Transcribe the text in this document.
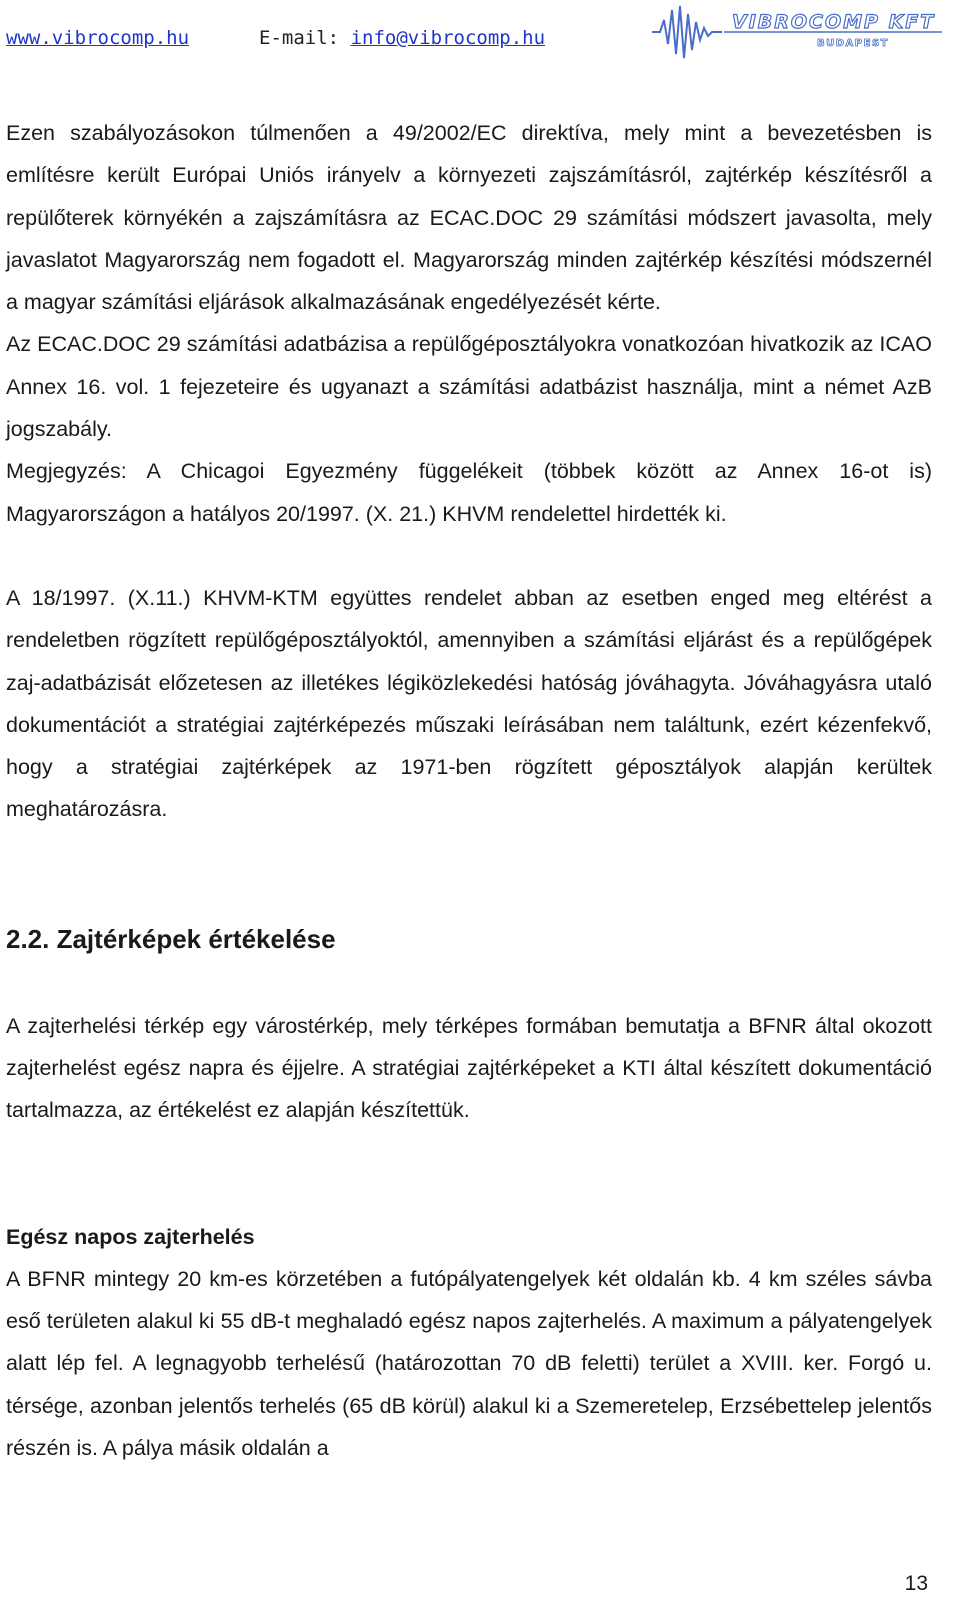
www.vibrocomp.hu	E-mail: info@vibrocomp.hu
VIBROCOMP KFT
BUDAPEST

Ezen szabályozásokon túlmenően a 49/2002/EC direktíva, mely mint a bevezetésben is említésre került Európai Uniós irányelv a környezeti zajszámításról, zajtérkép készítésről a repülőterek környékén a zajszámításra az ECAC.DOC 29 számítási módszert javasolta, mely javaslatot Magyarország nem fogadott el. Magyarország minden zajtérkép készítési módszernél a magyar számítási eljárások alkalmazásának engedélyezését kérte.

Az ECAC.DOC 29 számítási adatbázisa a repülőgéposztályokra vonatkozóan hivatkozik az ICAO Annex 16. vol. 1 fejezeteire és ugyanazt a számítási adatbázist használja, mint a német AzB jogszabály.

Megjegyzés: A Chicagoi Egyezmény függelékeit (többek között az Annex 16-ot is) Magyarországon a hatályos 20/1997. (X. 21.) KHVM rendelettel hirdették ki.

A 18/1997. (X.11.) KHVM-KTM együttes rendelet abban az esetben enged meg eltérést a rendeletben rögzített repülőgéposztályoktól, amennyiben a számítási eljárást és a repülőgépek zaj-adatbázisát előzetesen az illetékes légiközlekedési hatóság jóváhagyta. Jóváhagyásra utaló dokumentációt a stratégiai zajtérképezés műszaki leírásában nem találtunk, ezért kézenfekvő, hogy a stratégiai zajtérképek az 1971-ben rögzített géposztályok alapján kerültek meghatározásra.

2.2. Zajtérképek értékelése

A zajterhelési térkép egy várostérkép, mely térképes formában bemutatja a BFNR által okozott zajterhelést egész napra és éjjelre. A stratégiai zajtérképeket a KTI által készített dokumentáció tartalmazza, az értékelést ez alapján készítettük.

Egész napos zajterhelés

A BFNR mintegy 20 km-es körzetében a futópályatengelyek két oldalán kb. 4 km széles sávba eső területen alakul ki 55 dB-t meghaladó egész napos zajterhelés. A maximum a pályatengelyek alatt lép fel. A legnagyobb terhelésű (határozottan 70 dB feletti) terület a XVIII. ker. Forgó u. térsége, azonban jelentős terhelés (65 dB körül) alakul ki a Szemeretelep, Erzsébettelep jelentős részén is. A pálya másik oldalán a

13
